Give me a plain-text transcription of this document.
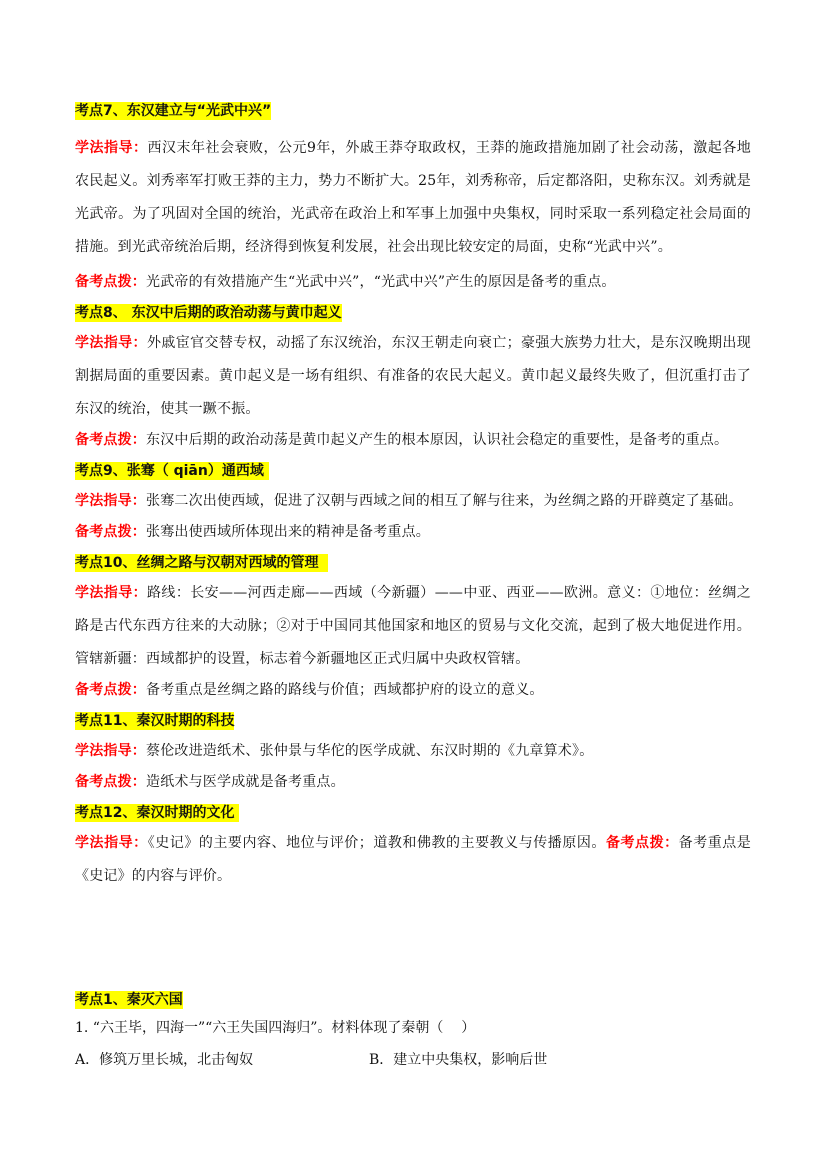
考点7、东汉建立与“光武中兴”
学法指导：西汉末年社会衰败，公元9年，外戚王莽夺取政权，王莽的施政措施加剧了社会动荡，激起各地农民起义。刘秀率军打败王莽的主力，势力不断扩大。25年，刘秀称帝，后定都洛阳，史称东汉。刘秀就是光武帝。为了巩固对全国的统治，光武帝在政治上和军事上加强中央集权，同时采取一系列稳定社会局面的措施。到光武帝统治后期，经济得到恢复利发展，社会出现比较安定的局面，史称“光武中兴”。
备考点拨：光武帝的有效措施产生“光武中兴”，“光武中兴”产生的原因是备考的重点。
考点8、 东汉中后期的政治动荡与黄巾起义
学法指导：外戚宦官交替专权，动摇了东汉统治，东汉王朝走向衰亡；豪强大族势力壮大，是东汉晚期出现割据局面的重要因素。黄巾起义是一场有组织、有准备的农民大起义。黄巾起义最终失败了，但沉重打击了东汉的统治，使其一蹶不振。
备考点拨：东汉中后期的政治动荡是黄巾起义产生的根本原因，认识社会稳定的重要性，是备考的重点。
考点9、张骞（ qiān）通西域
学法指导：张骞二次出使西域，促进了汉朝与西域之间的相互了解与往来，为丝绸之路的开辟奠定了基础。
备考点拨：张骞出使西域所体现出来的精神是备考重点。
考点10、丝绸之路与汉朝对西域的管理
学法指导：路线：长安——河西走廊——西域（今新疆）——中亚、西亚——欧洲。意义：①地位：丝绸之路是古代东西方往来的大动脉；②对于中国同其他国家和地区的贸易与文化交流，起到了极大地促进作用。管辖新疆：西域都护的设置，标志着今新疆地区正式归属中央政权管辖。
备考点拨：备考重点是丝绸之路的路线与价值；西域都护府的设立的意义。
考点11、秦汉时期的科技
学法指导：蔡伦改进造纸术、张仲景与华佗的医学成就、东汉时期的《九章算术》。
备考点拨：造纸术与医学成就是备考重点。
考点12、秦汉时期的文化
学法指导：《史记》的主要内容、地位与评价；道教和佛教的主要教义与传播原因。备考点拨：备考重点是《史记》的内容与评价。
考点1、秦灭六国
1. “六王毕，四海一”“六王失国四海归”。材料体现了秦朝（    ）
A．修筑万里长城，北击匈奴	B．建立中央集权，影响后世
